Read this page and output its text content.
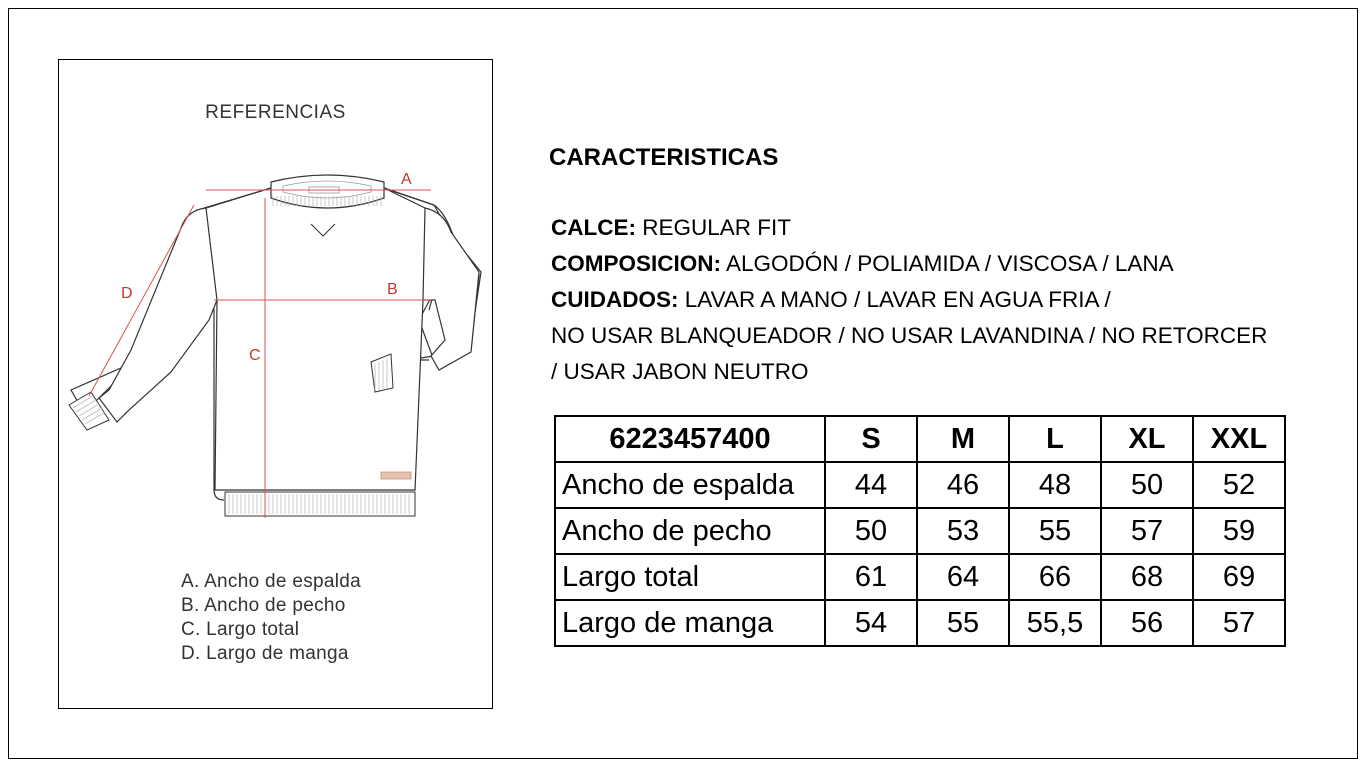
REFERENCIAS
A
B
C
D
A. Ancho de espalda
B. Ancho de pecho
C. Largo total
D. Largo de manga
CARACTERISTICAS
CALCE: REGULAR FIT
COMPOSICION: ALGODÓN / POLIAMIDA / VISCOSA / LANA
CUIDADOS: LAVAR A MANO / LAVAR EN AGUA FRIA /
NO USAR BLANQUEADOR / NO USAR LAVANDINA / NO RETORCER
/ USAR JABON NEUTRO
6223457400	S	M	L	XL	XXL
Ancho de espalda	44	46	48	50	52
Ancho de pecho	50	53	55	57	59
Largo total	61	64	66	68	69
Largo de manga	54	55	55,5	56	57
